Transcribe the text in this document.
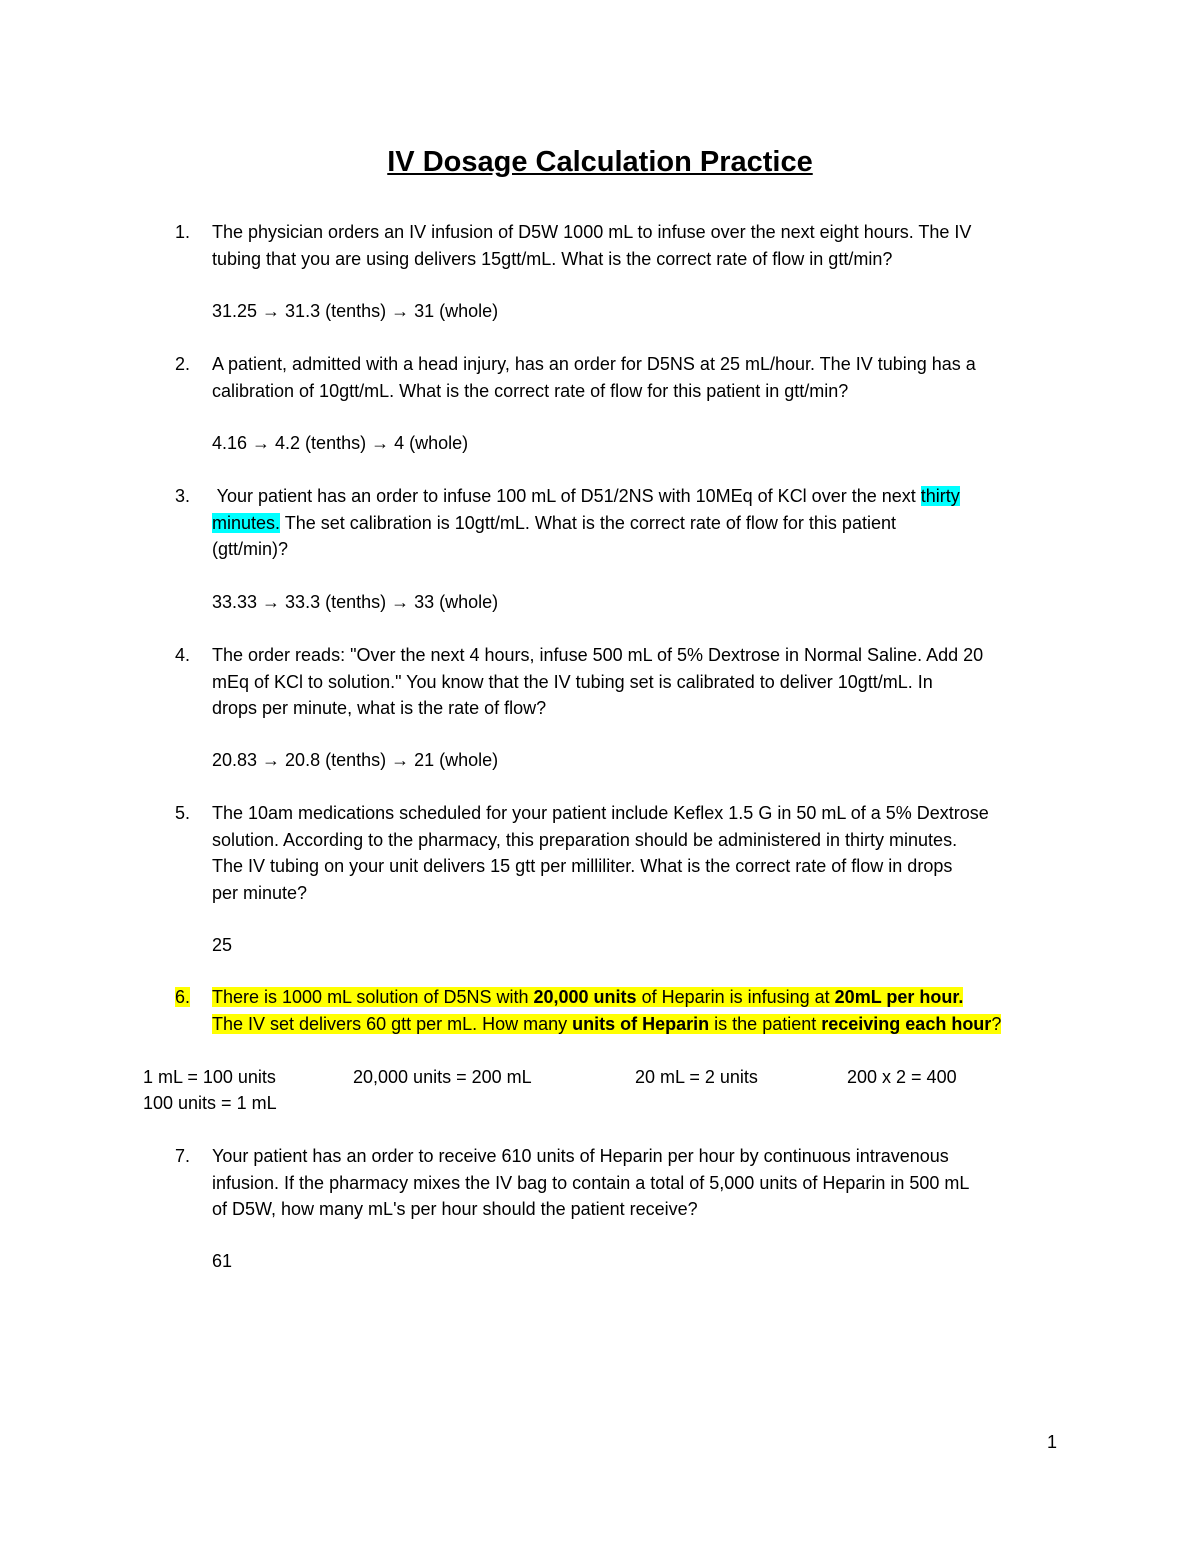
IV Dosage Calculation Practice
1.	The physician orders an IV infusion of D5W 1000 mL to infuse over the next eight hours. The IV
tubing that you are using delivers 15gtt/mL. What is the correct rate of flow in gtt/min?
31.25 → 31.3 (tenths) → 31 (whole)
2.	A patient, admitted with a head injury, has an order for D5NS at 25 mL/hour. The IV tubing has a
calibration of 10gtt/mL. What is the correct rate of flow for this patient in gtt/min?
4.16 → 4.2 (tenths) → 4 (whole)
3.	Your patient has an order to infuse 100 mL of D51/2NS with 10MEq of KCl over the next thirty
minutes. The set calibration is 10gtt/mL. What is the correct rate of flow for this patient
(gtt/min)?
33.33 → 33.3 (tenths) → 33 (whole)
4.	The order reads: "Over the next 4 hours, infuse 500 mL of 5% Dextrose in Normal Saline. Add 20
mEq of KCl to solution." You know that the IV tubing set is calibrated to deliver 10gtt/mL. In
drops per minute, what is the rate of flow?
20.83 → 20.8 (tenths) → 21 (whole)
5.	The 10am medications scheduled for your patient include Keflex 1.5 G in 50 mL of a 5% Dextrose
solution. According to the pharmacy, this preparation should be administered in thirty minutes.
The IV tubing on your unit delivers 15 gtt per milliliter. What is the correct rate of flow in drops
per minute?
25
6.	There is 1000 mL solution of D5NS with 20,000 units of Heparin is infusing at 20mL per hour.
The IV set delivers 60 gtt per mL. How many units of Heparin is the patient receiving each hour?
1 mL = 100 units	20,000 units = 200 mL	20 mL = 2 units	200 x 2 = 400
100 units = 1 mL
7.	Your patient has an order to receive 610 units of Heparin per hour by continuous intravenous
infusion. If the pharmacy mixes the IV bag to contain a total of 5,000 units of Heparin in 500 mL
of D5W, how many mL's per hour should the patient receive?
61
1
